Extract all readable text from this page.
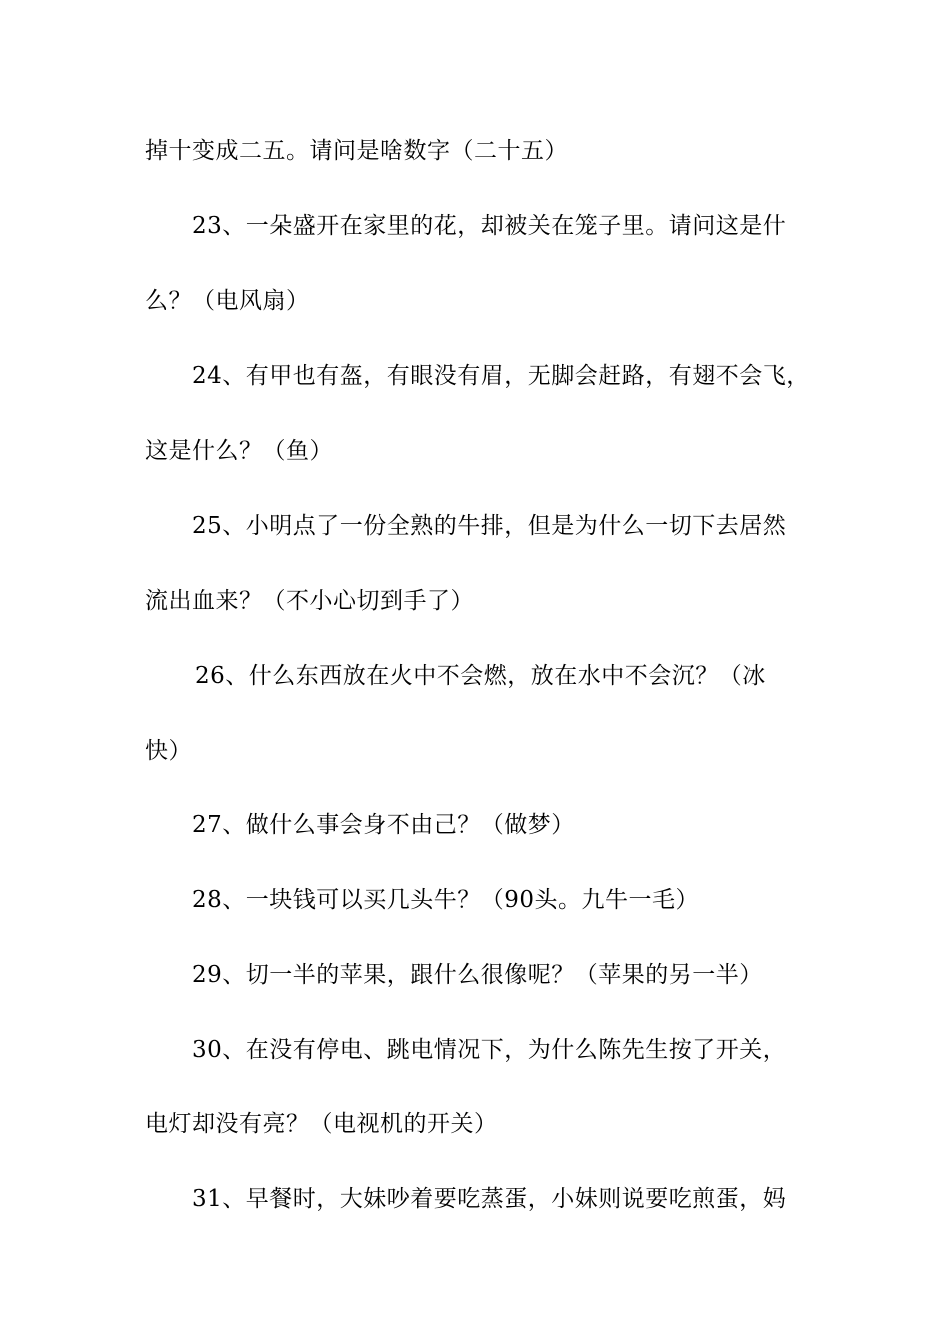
掉十变成二五。请问是啥数字（二十五）
23、一朵盛开在家里的花，却被关在笼子里。请问这是什
么？（电风扇）
24、有甲也有盔，有眼没有眉，无脚会赶路，有翅不会飞，
这是什么？（鱼）
25、小明点了一份全熟的牛排，但是为什么一切下去居然
流出血来？（不小心切到手了）
26、什么东西放在火中不会燃，放在水中不会沉？（冰
快）
27、做什么事会身不由己？（做梦）
28、一块钱可以买几头牛？（90头。九牛一毛）
29、切一半的苹果，跟什么很像呢？（苹果的另一半）
30、在没有停电、跳电情况下，为什么陈先生按了开关，
电灯却没有亮？（电视机的开关）
31、早餐时，大妹吵着要吃蒸蛋，小妹则说要吃煎蛋，妈
